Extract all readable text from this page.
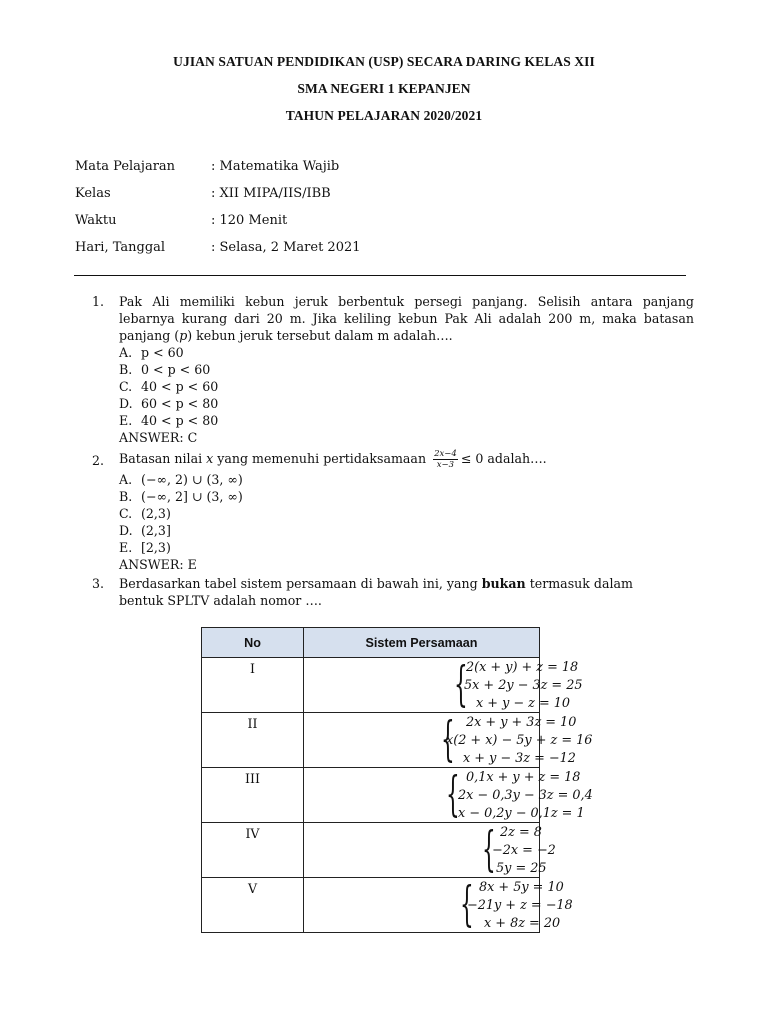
UJIAN SATUAN PENDIDIKAN (USP) SECARA DARING KELAS XII
SMA NEGERI 1 KEPANJEN
TAHUN PELAJARAN 2020/2021
Mata Pelajaran	: Matematika Wajib
Kelas	: XII MIPA/IIS/IBB
Waktu	: 120 Menit
Hari, Tanggal	: Selasa, 2 Maret 2021
1. Pak Ali memiliki kebun jeruk berbentuk persegi panjang. Selisih antara panjang
lebarnya kurang dari 20 m. Jika keliling kebun Pak Ali adalah 200 m, maka batasan
panjang (p) kebun jeruk tersebut dalam m adalah….
A. p < 60
B. 0 < p < 60
C. 40 < p < 60
D. 60 < p < 80
E. 40 < p < 80
ANSWER: C
2. Batasan nilai x yang memenuhi pertidaksamaan $\frac{2x-4}{x-3} \le 0$ adalah….
A. (−∞, 2) ∪ (3, ∞)
B. (−∞, 2] ∪ (3, ∞)
C. (2,3)
D. (2,3]
E. [2,3)
ANSWER: E
3. Berdasarkan tabel sistem persamaan di bawah ini, yang bukan termasuk dalam
bentuk SPLTV adalah nomor ….
No	Sistem Persamaan
I	{
2(x + y) + z = 18
5x + 2y − 3z = 25
x + y − z = 10

II	{ 2x + y + 3z = 10
x(2 + x) − 5y + z = 16
x + y − 3z = −12

III	{ 0,1x + y + z = 18
2x − 0,3y − 3z = 0,4
x − 0,2y − 0,1z = 1

IV	{ 2z = 8
−2x = −2
5y = 25

V	{ 8x + 5y = 10
−21y + z = −18
x + 8z = 20
